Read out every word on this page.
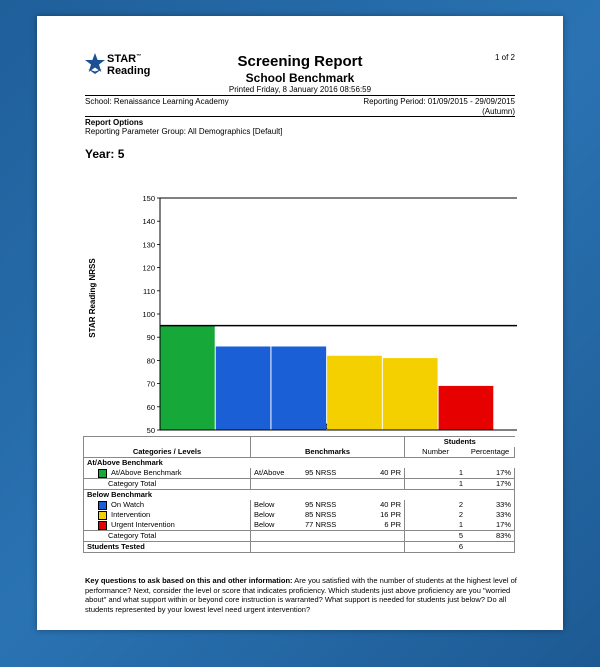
STAR™
Reading
Screening Report
School Benchmark
Printed Friday, 8 January 2016 08:56:59
1 of 2
School: Renaissance Learning Academy	Reporting Period: 01/09/2015 - 29/09/2015
(Autumn)
Report Options
Reporting Parameter Group: All Demographics [Default]
Year: 5
STAR Reading NRSS
50
60
70
80
90
100
110
120
130
140
150
				Students	
Categories / Levels	Benchmarks			Number	Percentage
At/Above Benchmark					
At/Above Benchmark	At/Above	95 NRSS	40 PR	1	17%
Category Total				1	17%
Below Benchmark					
On Watch	Below	95 NRSS	40 PR	2	33%
Intervention	Below	85 NRSS	16 PR	2	33%
Urgent Intervention	Below	77 NRSS	6 PR	1	17%
Category Total				5	83%
Students Tested				6	
Key questions to ask based on this and other information: Are you satisfied with the number of students at the highest level of performance? Next, consider the level or score that indicates proficiency. Which students just above proficiency are you "worried about" and what support within or beyond core instruction is warranted? What support is needed for students just below? Do all students represented by your lowest level need urgent intervention?
